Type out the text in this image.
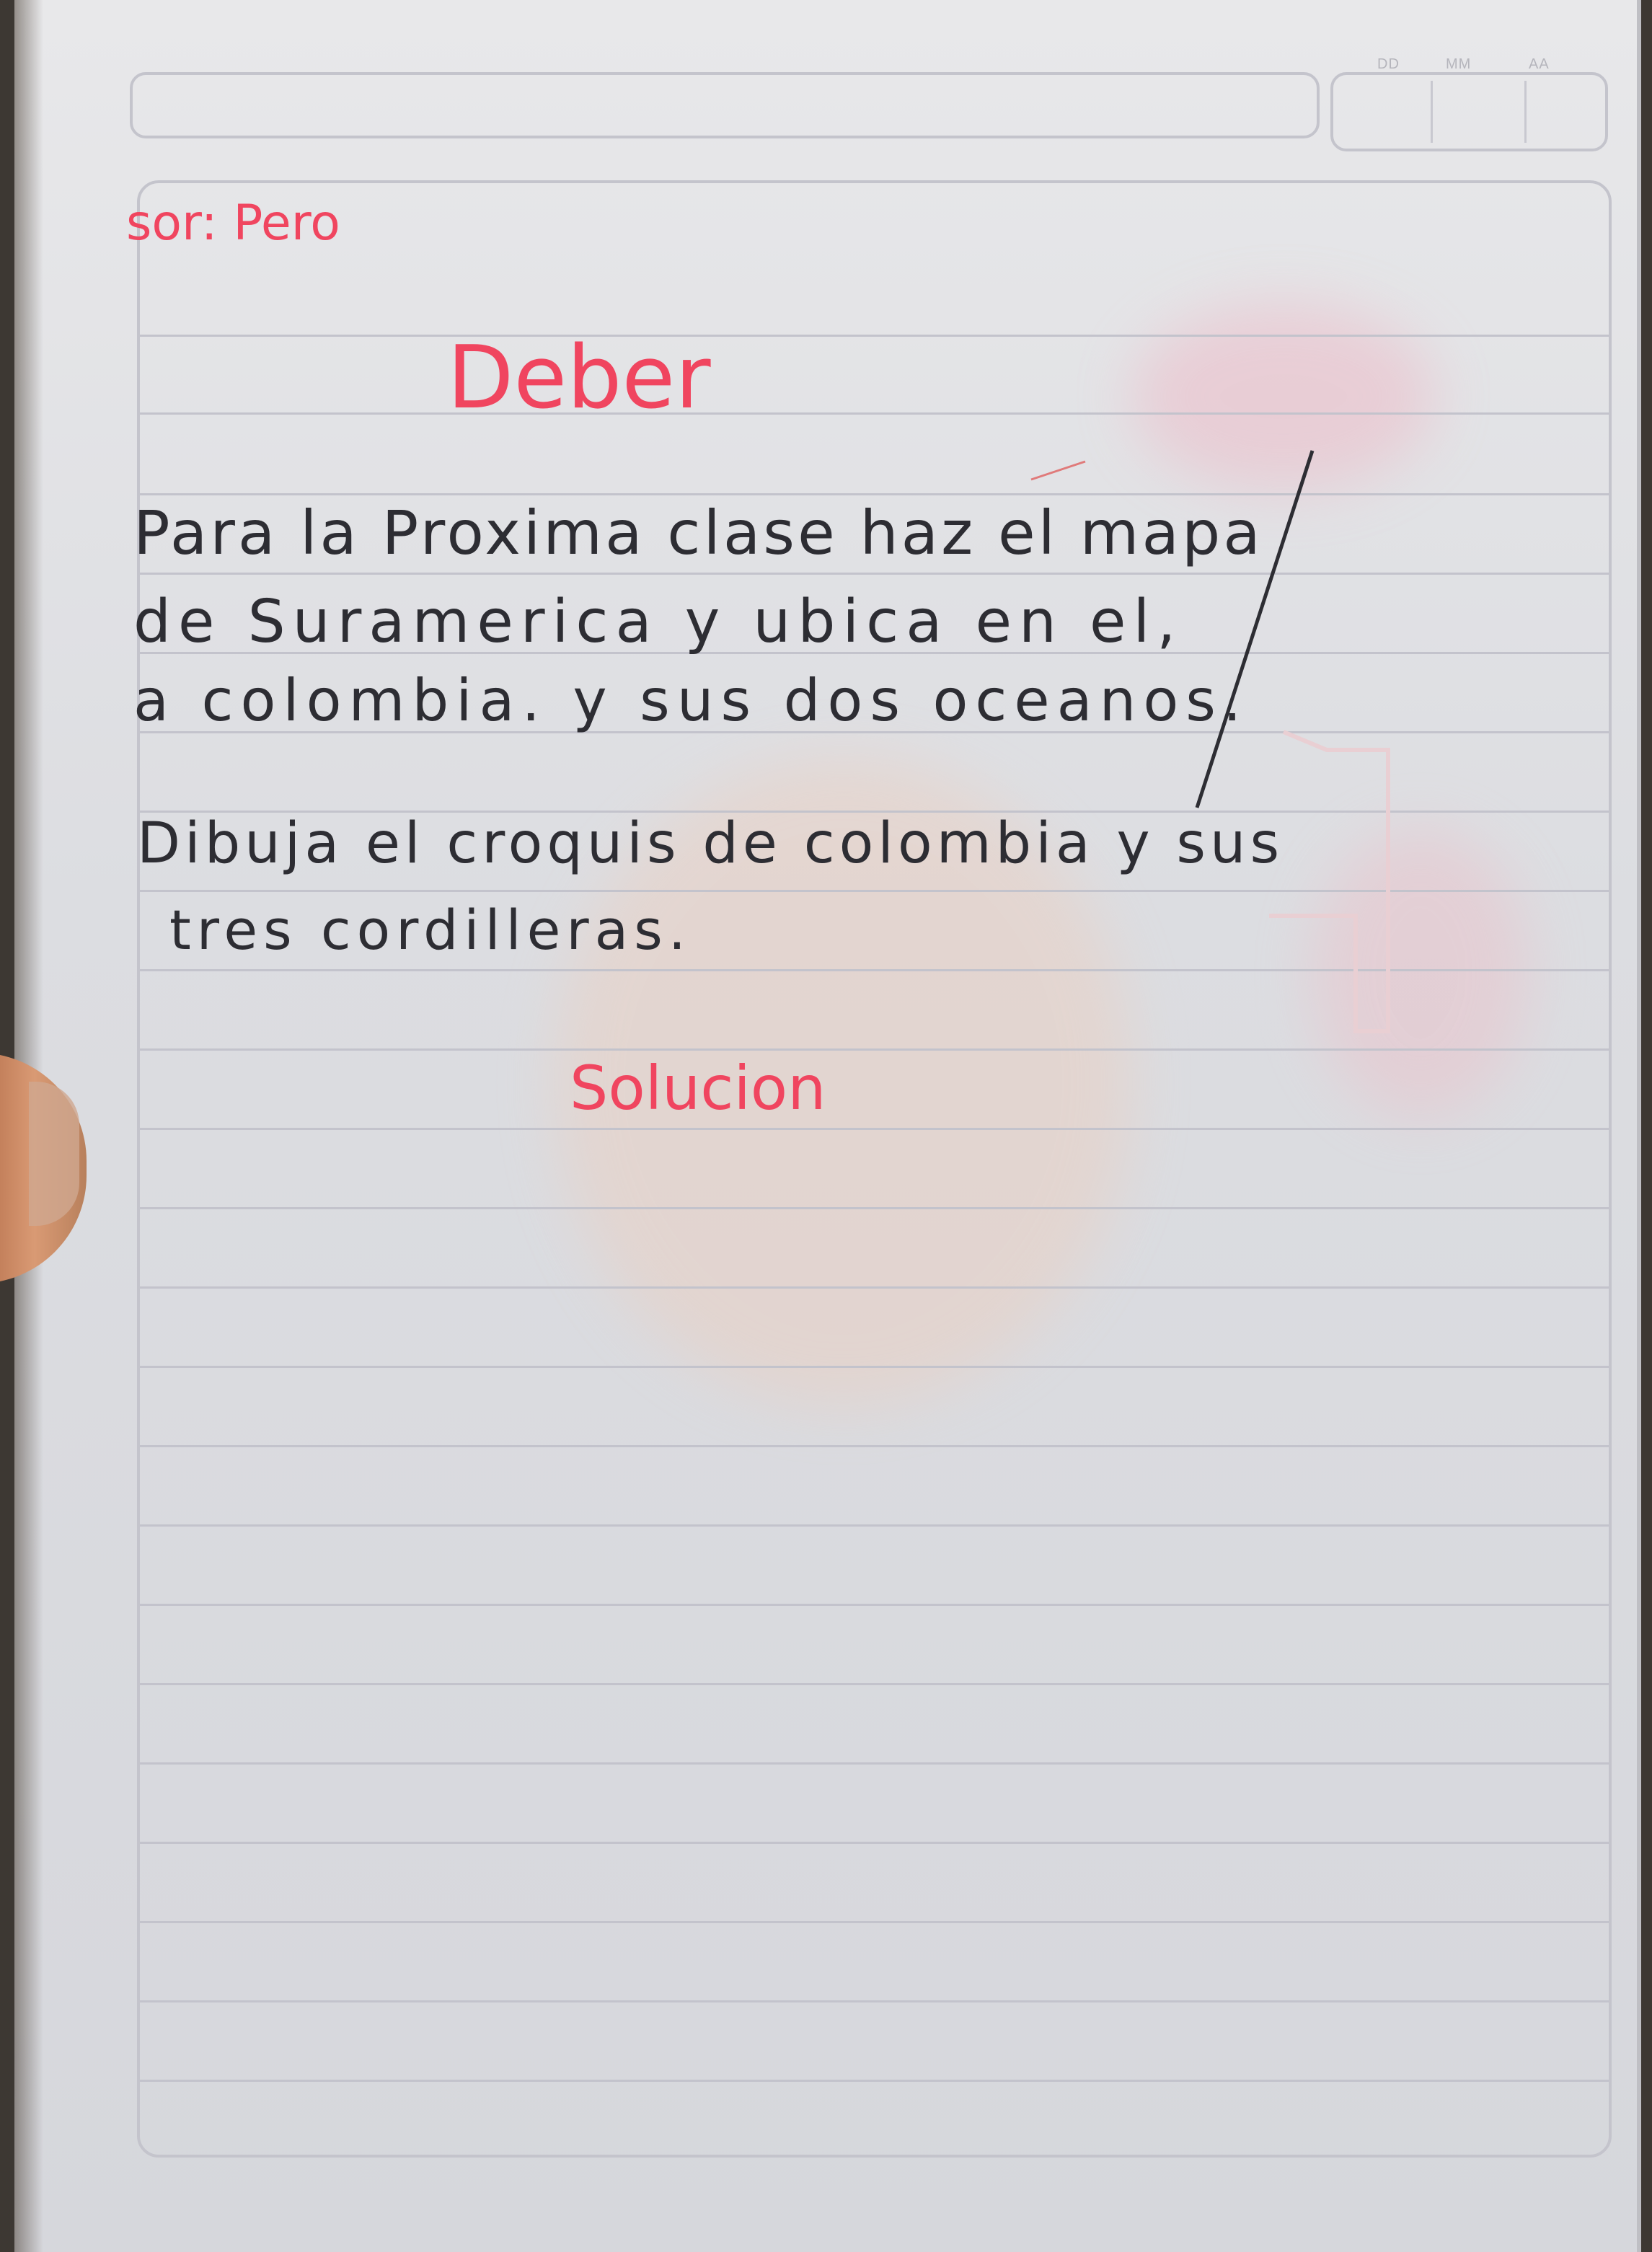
DD	MM	AA
sor: Pero
Deber
Para la Proxima clase haz el mapa
de Suramerica y ubica en el,
a colombia. y sus dos oceanos.
Dibuja el croquis de colombia y sus
tres cordilleras.
Solucion
